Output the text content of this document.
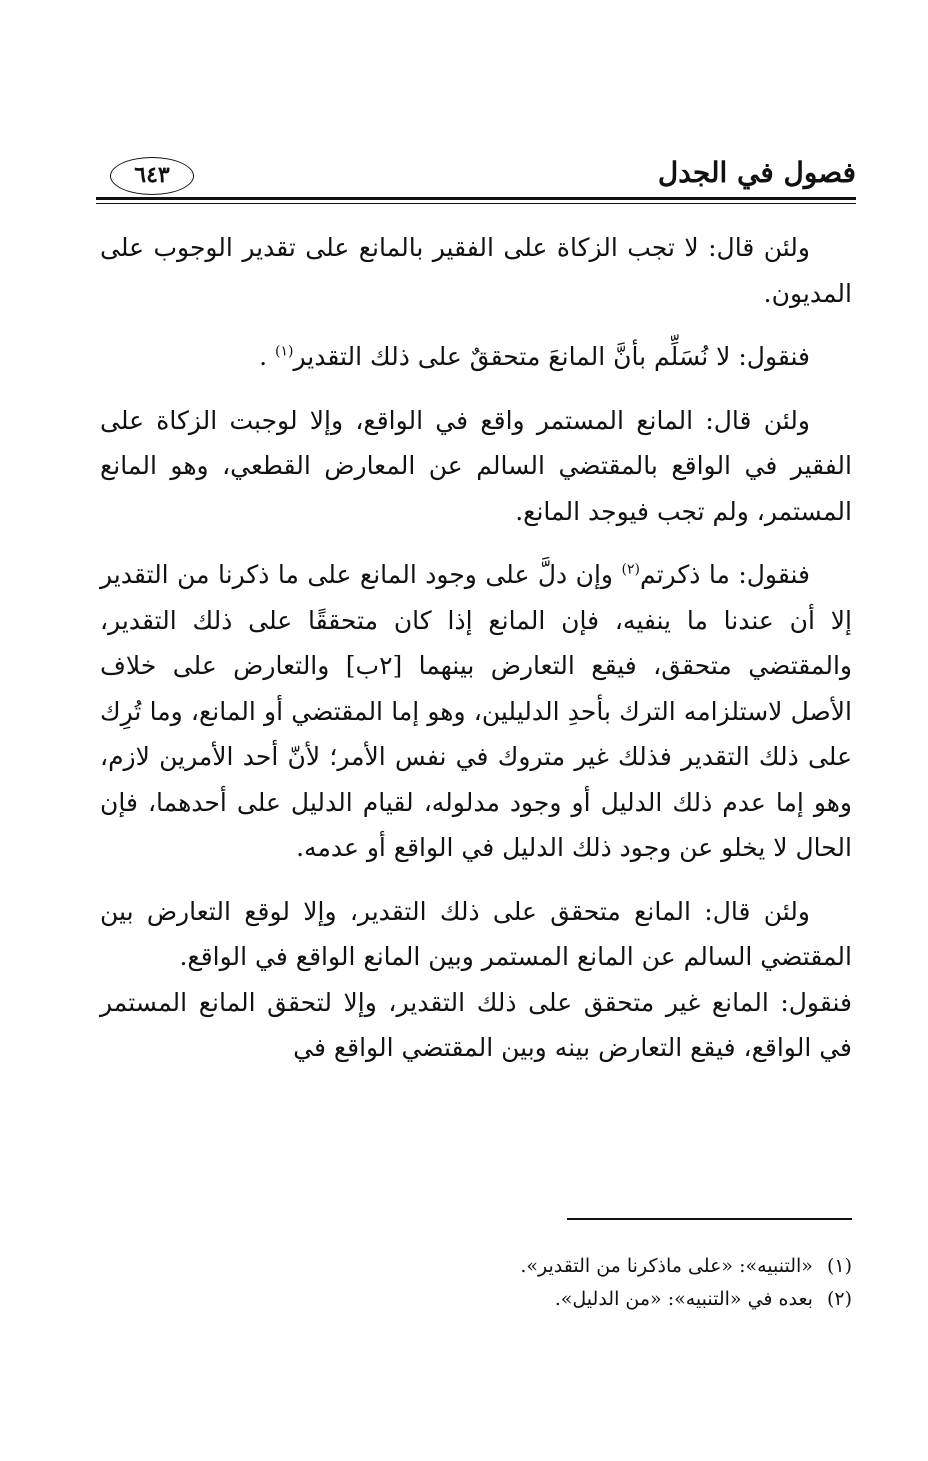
فصول في الجدل
٦٤٣

ولئن قال: لا تجب الزكاة على الفقير بالمانع على تقدير الوجوب على المديون.

فنقول: لا نُسَلِّم بأنَّ المانعَ متحققٌ على ذلك التقدير$^{(١)}$ .

ولئن قال: المانع المستمر واقع في الواقع، وإلا لوجبت الزكاة على الفقير في الواقع بالمقتضي السالم عن المعارض القطعي، وهو المانع المستمر، ولم تجب فيوجد المانع.

فنقول: ما ذكرتم$^{(٢)}$ وإن دلَّ على وجود المانع على ما ذكرنا من التقدير إلا أن عندنا ما ينفيه، فإن المانع إذا كان متحققًا على ذلك التقدير، والمقتضي متحقق، فيقع التعارض بينهما [٢ب] والتعارض على خلاف الأصل لاستلزامه الترك بأحدِ الدليلين، وهو إما المقتضي أو المانع، وما تُرِك على ذلك التقدير فذلك غير متروك في نفس الأمر؛ لأنّ أحد الأمرين لازم، وهو إما عدم ذلك الدليل أو وجود مدلوله، لقيام الدليل على أحدهما، فإن الحال لا يخلو عن وجود ذلك الدليل في الواقع أو عدمه.

ولئن قال: المانع متحقق على ذلك التقدير، وإلا لوقع التعارض بين المقتضي السالم عن المانع المستمر وبين المانع الواقع في الواقع.

فنقول: المانع غير متحقق على ذلك التقدير، وإلا لتحقق المانع المستمر في الواقع، فيقع التعارض بينه وبين المقتضي الواقع في

(١)
«التنبيه»: «على ماذكرنا من التقدير».
(٢)
بعده في «التنبيه»: «من الدليل».
